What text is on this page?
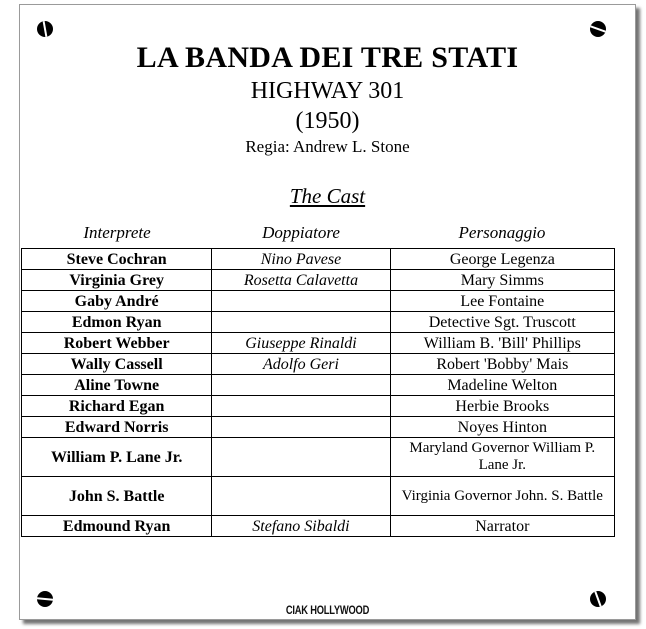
LA BANDA DEI TRE STATI
HIGHWAY 301
(1950)
Regia: Andrew L. Stone
The Cast
Interprete	Doppiatore	Personaggio
Steve Cochran	Nino Pavese	George Legenza
Virginia Grey	Rosetta Calavetta	Mary Simms
Gaby André		Lee Fontaine
Edmon Ryan		Detective Sgt. Truscott
Robert Webber	Giuseppe Rinaldi	William B. 'Bill' Phillips
Wally Cassell	Adolfo Geri	Robert 'Bobby' Mais
Aline Towne		Madeline Welton
Richard Egan		Herbie Brooks
Edward Norris		Noyes Hinton
William P. Lane Jr.		Maryland Governor William P. Lane Jr.
John S. Battle		Virginia Governor John. S. Battle
Edmound Ryan	Stefano Sibaldi	Narrator
CIAK HOLLYWOOD
